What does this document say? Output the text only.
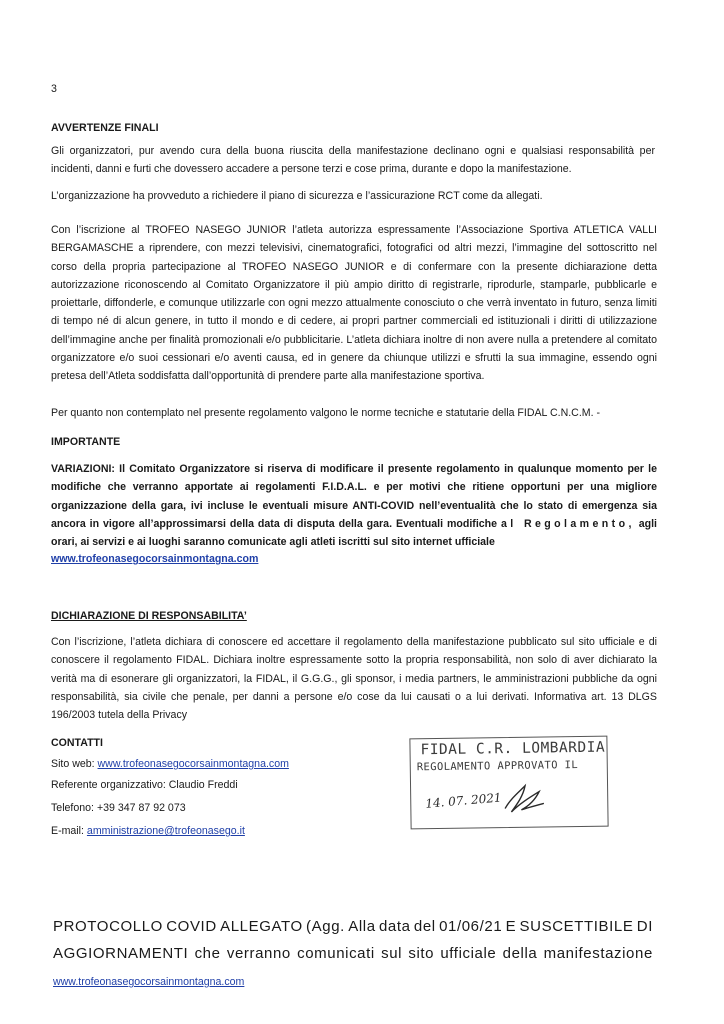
3
AVVERTENZE FINALI
Gli organizzatori, pur avendo cura della buona riuscita della manifestazione declinano ogni e qualsiasi responsabilità per incidenti, danni e furti che dovessero accadere a persone terzi e cose prima, durante e dopo la manifestazione.
L’organizzazione ha provveduto a richiedere il piano di sicurezza e l’assicurazione RCT come da allegati.
Con l’iscrizione al TROFEO NASEGO JUNIOR l’atleta autorizza espressamente l’Associazione Sportiva ATLETICA VALLI BERGAMASCHE a riprendere, con mezzi televisivi, cinematografici, fotografici od altri mezzi, l’immagine del sottoscritto nel corso della propria partecipazione al TROFEO NASEGO JUNIOR e di confermare con la presente dichiarazione detta autorizzazione riconoscendo al Comitato Organizzatore il più ampio diritto di registrarle, riprodurle, stamparle, pubblicarle e proiettarle, diffonderle, e comunque utilizzarle con ogni mezzo attualmente conosciuto o che verrà inventato in futuro, senza limiti di tempo né di alcun genere, in tutto il mondo e di cedere, ai propri partner commerciali ed istituzionali i diritti di utilizzazione dell’immagine anche per finalità promozionali e/o pubblicitarie. L’atleta dichiara inoltre di non avere nulla a pretendere al comitato organizzatore e/o suoi cessionari e/o aventi causa, ed in genere da chiunque utilizzi e sfrutti la sua immagine, essendo ogni pretesa dell’Atleta soddisfatta dall’opportunità di prendere parte alla manifestazione sportiva.
Per quanto non contemplato nel presente regolamento valgono le norme tecniche e statutarie della FIDAL C.N.C.M. -
IMPORTANTE
VARIAZIONI: Il Comitato Organizzatore si riserva di modificare il presente regolamento in qualunque momento per le modifiche che verranno apportate ai regolamenti F.I.D.A.L. e per motivi che ritiene opportuni per una migliore organizzazione della gara, ivi incluse le eventuali misure ANTI-COVID nell’eventualità che lo stato di emergenza sia ancora in vigore all’approssimarsi della data di disputa della gara. Eventuali modifiche al Regolamento, agli orari, ai servizi e ai luoghi saranno comunicate agli atleti iscritti sul sito internet ufficiale
www.trofeonasegocorsainmontagna.com
DICHIARAZIONE DI RESPONSABILITA’
Con l’iscrizione, l’atleta dichiara di conoscere ed accettare il regolamento della manifestazione pubblicato sul sito ufficiale e di conoscere il regolamento FIDAL. Dichiara inoltre espressamente sotto la propria responsabilità, non solo di aver dichiarato la verità ma di esonerare gli organizzatori, la FIDAL, il G.G.G., gli sponsor, i media partners, le amministrazioni pubbliche da ogni responsabilità, sia civile che penale, per danni a persone e/o cose da lui causati o a lui derivati. Informativa art. 13 DLGS 196/2003 tutela della Privacy
CONTATTI
Sito web: www.trofeonasegocorsainmontagna.com
Referente organizzativo: Claudio Freddi
Telefono: +39 347 87 92 073
E-mail: amministrazione@trofeonasego.it
FIDAL C.R. LOMBARDIA
REGOLAMENTO APPROVATO IL
14. 07. 2021
PROTOCOLLO COVID ALLEGATO (Agg. Alla data del 01/06/21 E SUSCETTIBILE DI
AGGIORNAMENTI che verranno comunicati sul sito ufficiale della manifestazione
www.trofeonasegocorsainmontagna.com
